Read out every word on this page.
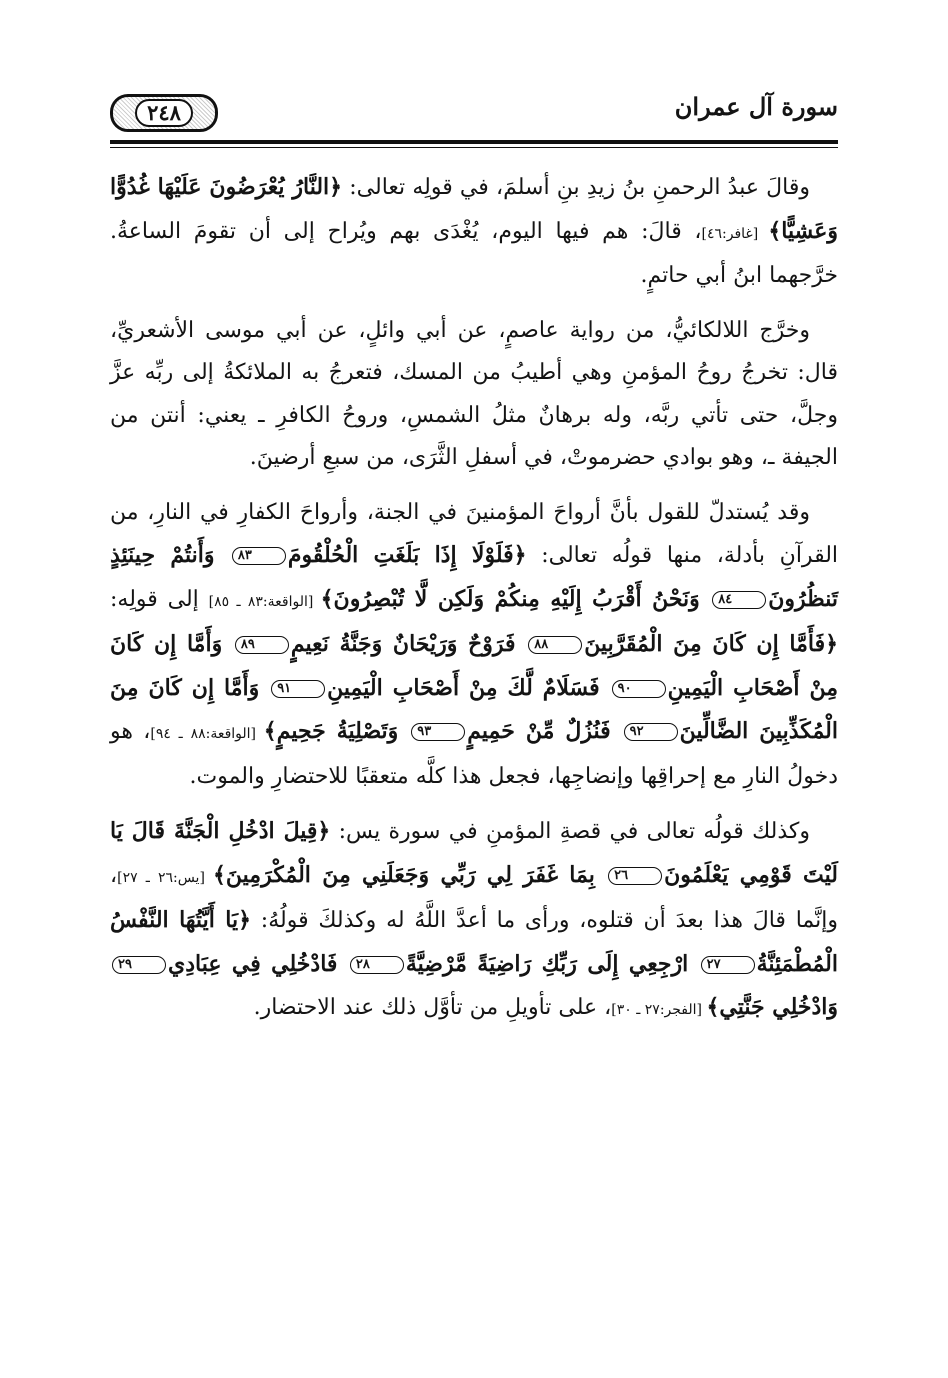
سورة آل عمران
٢٤٨

وقالَ عبدُ الرحمنِ بنُ زيدِ بنِ أسلمَ، في قولِه تعالى: ﴿النَّارُ يُعْرَضُونَ عَلَيْهَا غُدُوًّا وَعَشِيًّا﴾ [غافر:٤٦]، قالَ: هم فيها اليوم، يُغْدَى بهم ويُراح إلى أن تقومَ الساعةُ. خرَّجهما ابنُ أبي حاتمٍ.

وخرَّج اللالكائيُّ، من رواية عاصمٍ، عن أبي وائلٍ، عن أبي موسى الأشعريِّ، قال: تخرجُ روحُ المؤمنِ وهي أطيبُ من المسك، فتعرجُ به الملائكةُ إلى ربِّه عزَّ وجلَّ، حتى تأتي ربَّه، وله برهانٌ مثلُ الشمسِ، وروحُ الكافرِ ـ يعني: أنتن من الجيفة ـ، وهو بوادي حضرموتْ، في أسفلِ الثَّرَى، من سبعِ أرضينَ.

وقد يُستدلّ للقول بأنَّ أرواحَ المؤمنينَ في الجنة، وأرواحَ الكفارِ في النارِ، من القرآنِ بأدلة، منها قولُه تعالى: ﴿فَلَوْلَا إِذَا بَلَغَتِ الْحُلْقُومَ٨٣ وَأَنتُمْ حِينَئِذٍ تَنظُرُونَ٨٤ وَنَحْنُ أَقْرَبُ إِلَيْهِ مِنكُمْ وَلَكِن لَّا تُبْصِرُونَ﴾ [الواقعة:٨٣ ـ ٨٥] إلى قولِه: ﴿فَأَمَّا إِن كَانَ مِنَ الْمُقَرَّبِينَ٨٨ فَرَوْحٌ وَرَيْحَانٌ وَجَنَّةُ نَعِيمٍ٨٩ وَأَمَّا إِن كَانَ مِنْ أَصْحَابِ الْيَمِينِ٩٠ فَسَلَامٌ لَّكَ مِنْ أَصْحَابِ الْيَمِينِ٩١ وَأَمَّا إِن كَانَ مِنَ الْمُكَذِّبِينَ الضَّالِّينَ٩٢ فَنُزُلٌ مِّنْ حَمِيمٍ٩٣ وَتَصْلِيَةُ جَحِيمٍ﴾ [الواقعة:٨٨ ـ ٩٤]، هو دخولُ النارِ مع إحراقِها وإنضاجِها، فجعل هذا كلَّه متعقبًا للاحتضارِ والموت.

وكذلك قولُه تعالى في قصةِ المؤمنِ في سورة يس: ﴿قِيلَ ادْخُلِ الْجَنَّةَ قَالَ يَا لَيْتَ قَوْمِي يَعْلَمُونَ٢٦ بِمَا غَفَرَ لِي رَبِّي وَجَعَلَنِي مِنَ الْمُكْرَمِينَ﴾ [يس:٢٦ ـ ٢٧]، وإنَّما قالَ هذا بعدَ أن قتلوه، ورأى ما أعدَّ اللَّهُ له وكذلكَ قولُهُ: ﴿يَا أَيَّتُهَا النَّفْسُ الْمُطْمَئِنَّةُ٢٧ ارْجِعِي إِلَى رَبِّكِ رَاضِيَةً مَّرْضِيَّةً٢٨ فَادْخُلِي فِي عِبَادِي٢٩ وَادْخُلِي جَنَّتِي﴾ [الفجر:٢٧ ـ ٣٠]، على تأويلِ من تأوَّل ذلك عند الاحتضار.
